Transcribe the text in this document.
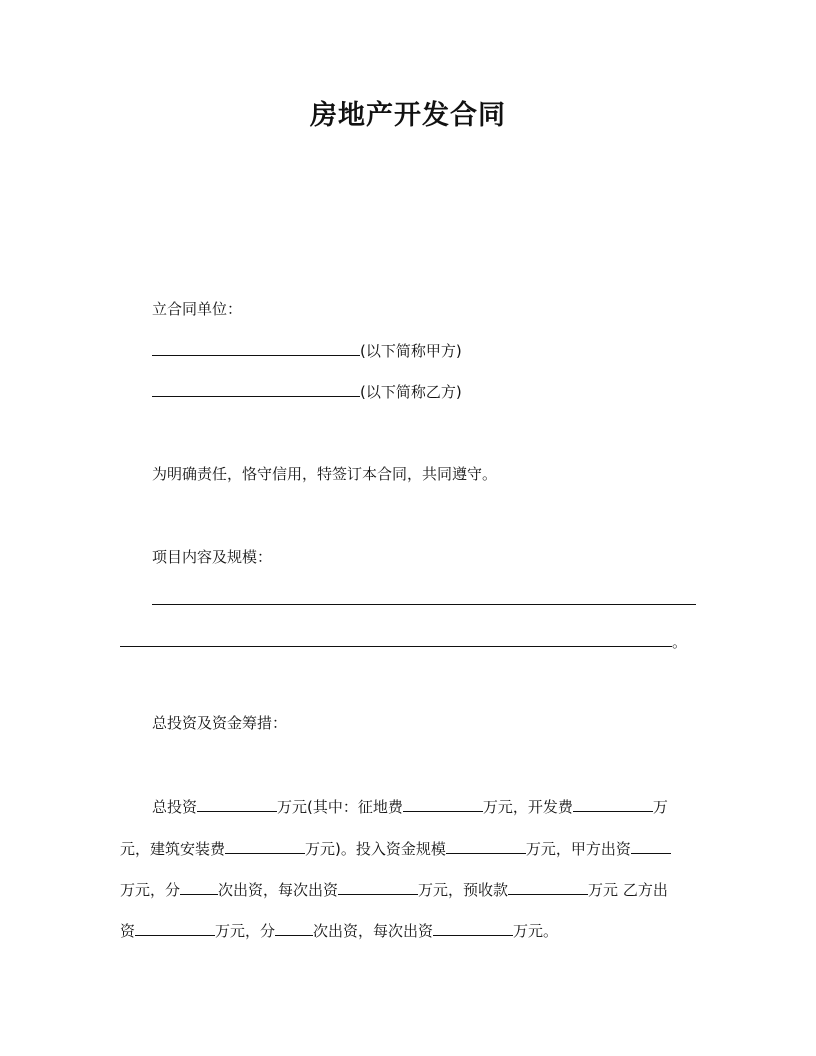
房地产开发合同
立合同单位：
(以下简称甲方)
(以下简称乙方)
为明确责任，恪守信用，特签订本合同，共同遵守。
项目内容及规模：
。
总投资及资金筹措：
总投资	万元(其中：征地费	万元，开发费	万
元，建筑安装费	万元)。投入资金规模	万元，甲方出资
万元，分	次出资，每次出资	万元，预收款	万元 乙方出
资	万元，分	次出资，每次出资	万元。
